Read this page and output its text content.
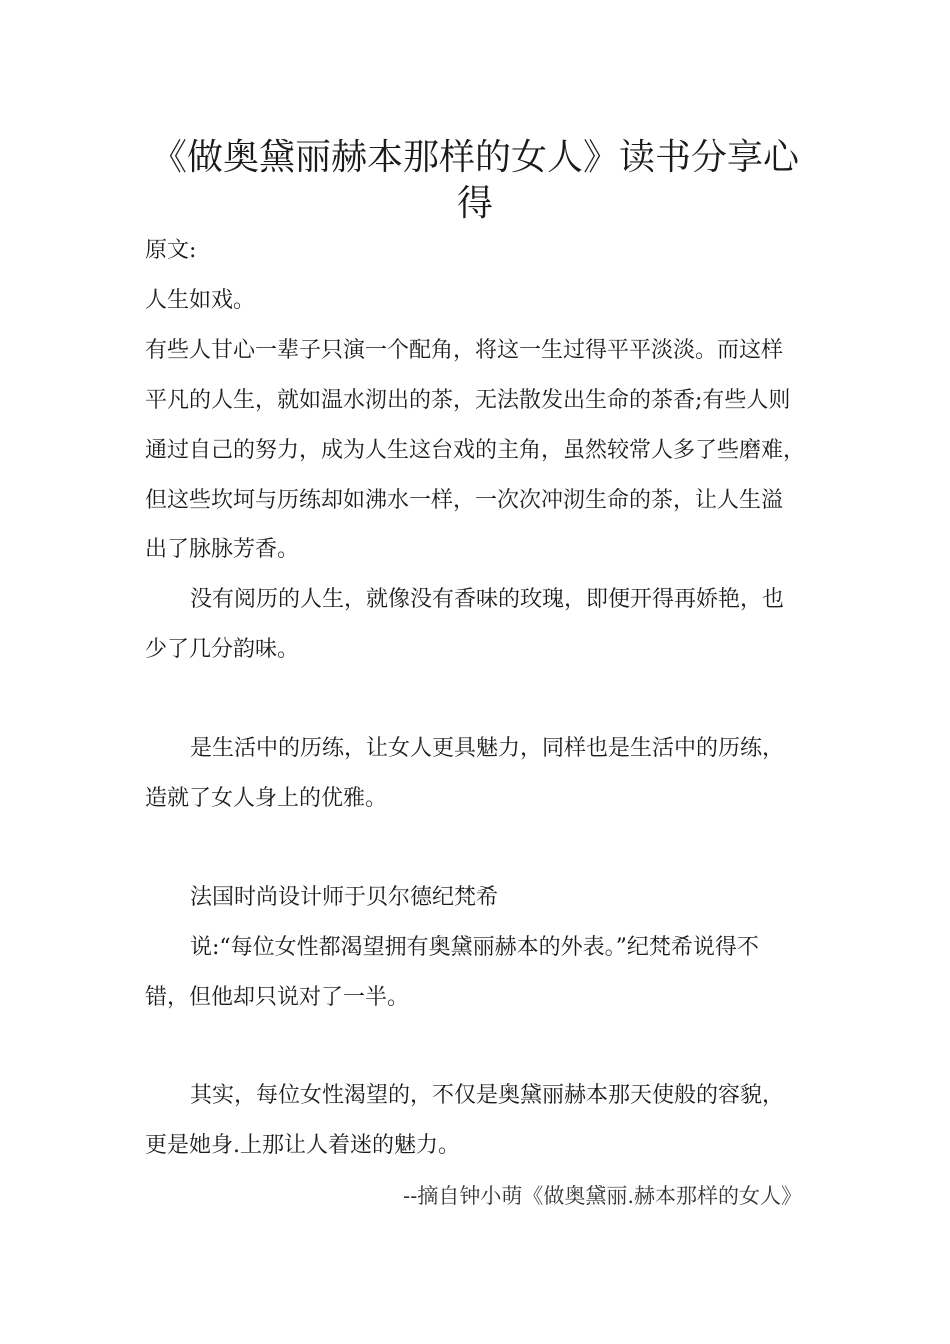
《做奥黛丽赫本那样的女人》读书分享心
得

原文:

人生如戏。

有些人甘心一辈子只演一个配角，将这一生过得平平淡淡。而这样

平凡的人生，就如温水沏出的茶，无法散发出生命的茶香;有些人则

通过自己的努力，成为人生这台戏的主角，虽然较常人多了些磨难，

但这些坎坷与历练却如沸水一样，一次次冲沏生命的茶，让人生溢

出了脉脉芳香。

没有阅历的人生，就像没有香味的玫瑰，即便开得再娇艳，也

少了几分韵味。

是生活中的历练，让女人更具魅力，同样也是生活中的历练，

造就了女人身上的优雅。

法国时尚设计师于贝尔德纪梵希

说:“每位女性都渴望拥有奥黛丽赫本的外表。”纪梵希说得不

错，但他却只说对了一半。

其实，每位女性渴望的，不仅是奥黛丽赫本那天使般的容貌，

更是她身.上那让人着迷的魅力。

--摘自钟小萌《做奥黛丽.赫本那样的女人》
